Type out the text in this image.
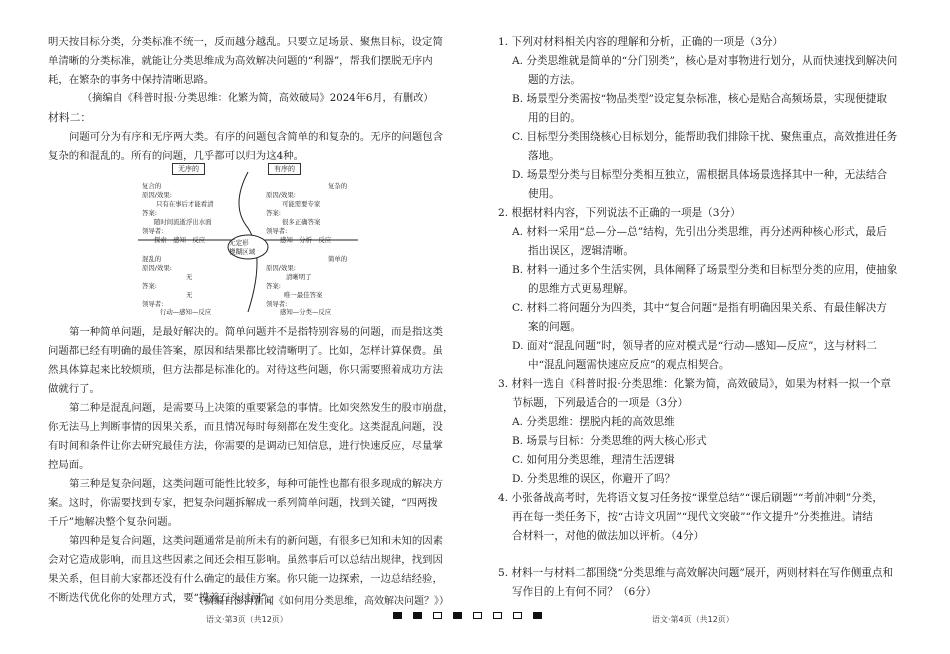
明天按目标分类，分类标准不统一，反而越分越乱。只要立足场景、聚焦目标，设定简
单清晰的分类标准，就能让分类思维成为高效解决问题的“利器”，帮我们摆脱无序内
耗，在繁杂的事务中保持清晰思路。
（摘编自《科普时报·分类思维：化繁为简，高效破局》2024年6月，有删改）
材料二：
问题可分为有序和无序两大类。有序的问题包含简单的和复杂的。无序的问题包含
复杂的和混乱的。所有的问题，几乎都可以归为这4种。
无序的	有序的
无定形
模糊区域
复合的
原因/效果:
只有在事后才能看清
答案:
随时间流逝浮出水面
领导者:
探索—感知—反应
复杂的
原因/效果:
可能需要专家
答案:
很多正确答案
领导者:
感知—分析—反应
混乱的
原因/效果:
无
答案:
无
领导者:
行动—感知—反应
简单的
原因/效果:
清晰明了
答案:
唯一最佳答案
领导者:
感知—分类—反应
第一种简单问题，是最好解决的。简单问题并不是指特别容易的问题，而是指这类
问题都已经有明确的最佳答案，原因和结果都比较清晰明了。比如，怎样计算保费。虽
然具体算起来比较烦琐，但方法都是标准化的。对待这些问题，你只需要照着成功方法
做就行了。
第二种是混乱问题，是需要马上决策的重要紧急的事情。比如突然发生的股市崩盘，
你无法马上判断事情的因果关系，而且情况每时每刻都在发生变化。这类混乱问题，没
有时间和条件让你去研究最佳方法，你需要的是调动已知信息，进行快速反应，尽量掌
控局面。
第三种是复杂问题，这类问题可能性比较多，每种可能性也都有很多现成的解决方
案。这时，你需要找到专家，把复杂问题拆解成一系列简单问题，找到关键，“四两拨
千斤”地解决整个复杂问题。
第四种是复合问题，这类问题通常是前所未有的新问题，有很多已知和未知的因素
会对它造成影响，而且这些因素之间还会相互影响。虽然事后可以总结出规律，找到因
果关系，但目前大家都还没有什么确定的最佳方案。你只能一边探索，一边总结经验，
不断迭代优化你的处理方式，要“摸着石头过河”。
（摘编自澎湃新闻《如何用分类思维，高效解决问题？》）
语文·第3页（共12页）
1. 下列对材料相关内容的理解和分析，正确的一项是（3分）
A. 分类思维就是简单的“分门别类”，核心是对事物进行划分，从而快速找到解决问
题的方法。
B. 场景型分类需按“物品类型”设定复杂标准，核心是贴合高频场景，实现便捷取
用的目的。
C. 目标型分类围绕核心目标划分，能帮助我们排除干扰、聚焦重点，高效推进任务
落地。
D. 场景型分类与目标型分类相互独立，需根据具体场景选择其中一种，无法结合
使用。
2. 根据材料内容，下列说法不正确的一项是（3分）
A. 材料一采用“总—分—总”结构，先引出分类思维，再分述两种核心形式，最后
指出误区，逻辑清晰。
B. 材料一通过多个生活实例，具体阐释了场景型分类和目标型分类的应用，使抽象
的思维方式更易理解。
C. 材料二将问题分为四类，其中“复合问题”是指有明确因果关系、有最佳解决方
案的问题。
D. 面对“混乱问题”时，领导者的应对模式是“行动—感知—反应”，这与材料二
中“混乱问题需快速应反应”的观点相契合。
3. 材料一选自《科普时报·分类思维：化繁为简，高效破局》，如果为材料一拟一个章
节标题，下列最适合的一项是（3分）
A. 分类思维：摆脱内耗的高效思维
B. 场景与目标：分类思维的两大核心形式
C. 如何用分类思维，理清生活逻辑
D. 分类思维的误区，你避开了吗？
4. 小张备战高考时，先将语文复习任务按“课堂总结”“课后刷题”“考前冲刺”分类，
再在每一类任务下，按“古诗文巩固”“现代文突破”“作文提升”分类推进。请结
合材料一，对他的做法加以评析。（4分）
5. 材料一与材料二都围绕“分类思维与高效解决问题”展开，两则材料在写作侧重点和
写作目的上有何不同？（6分）
语文·第4页（共12页）
